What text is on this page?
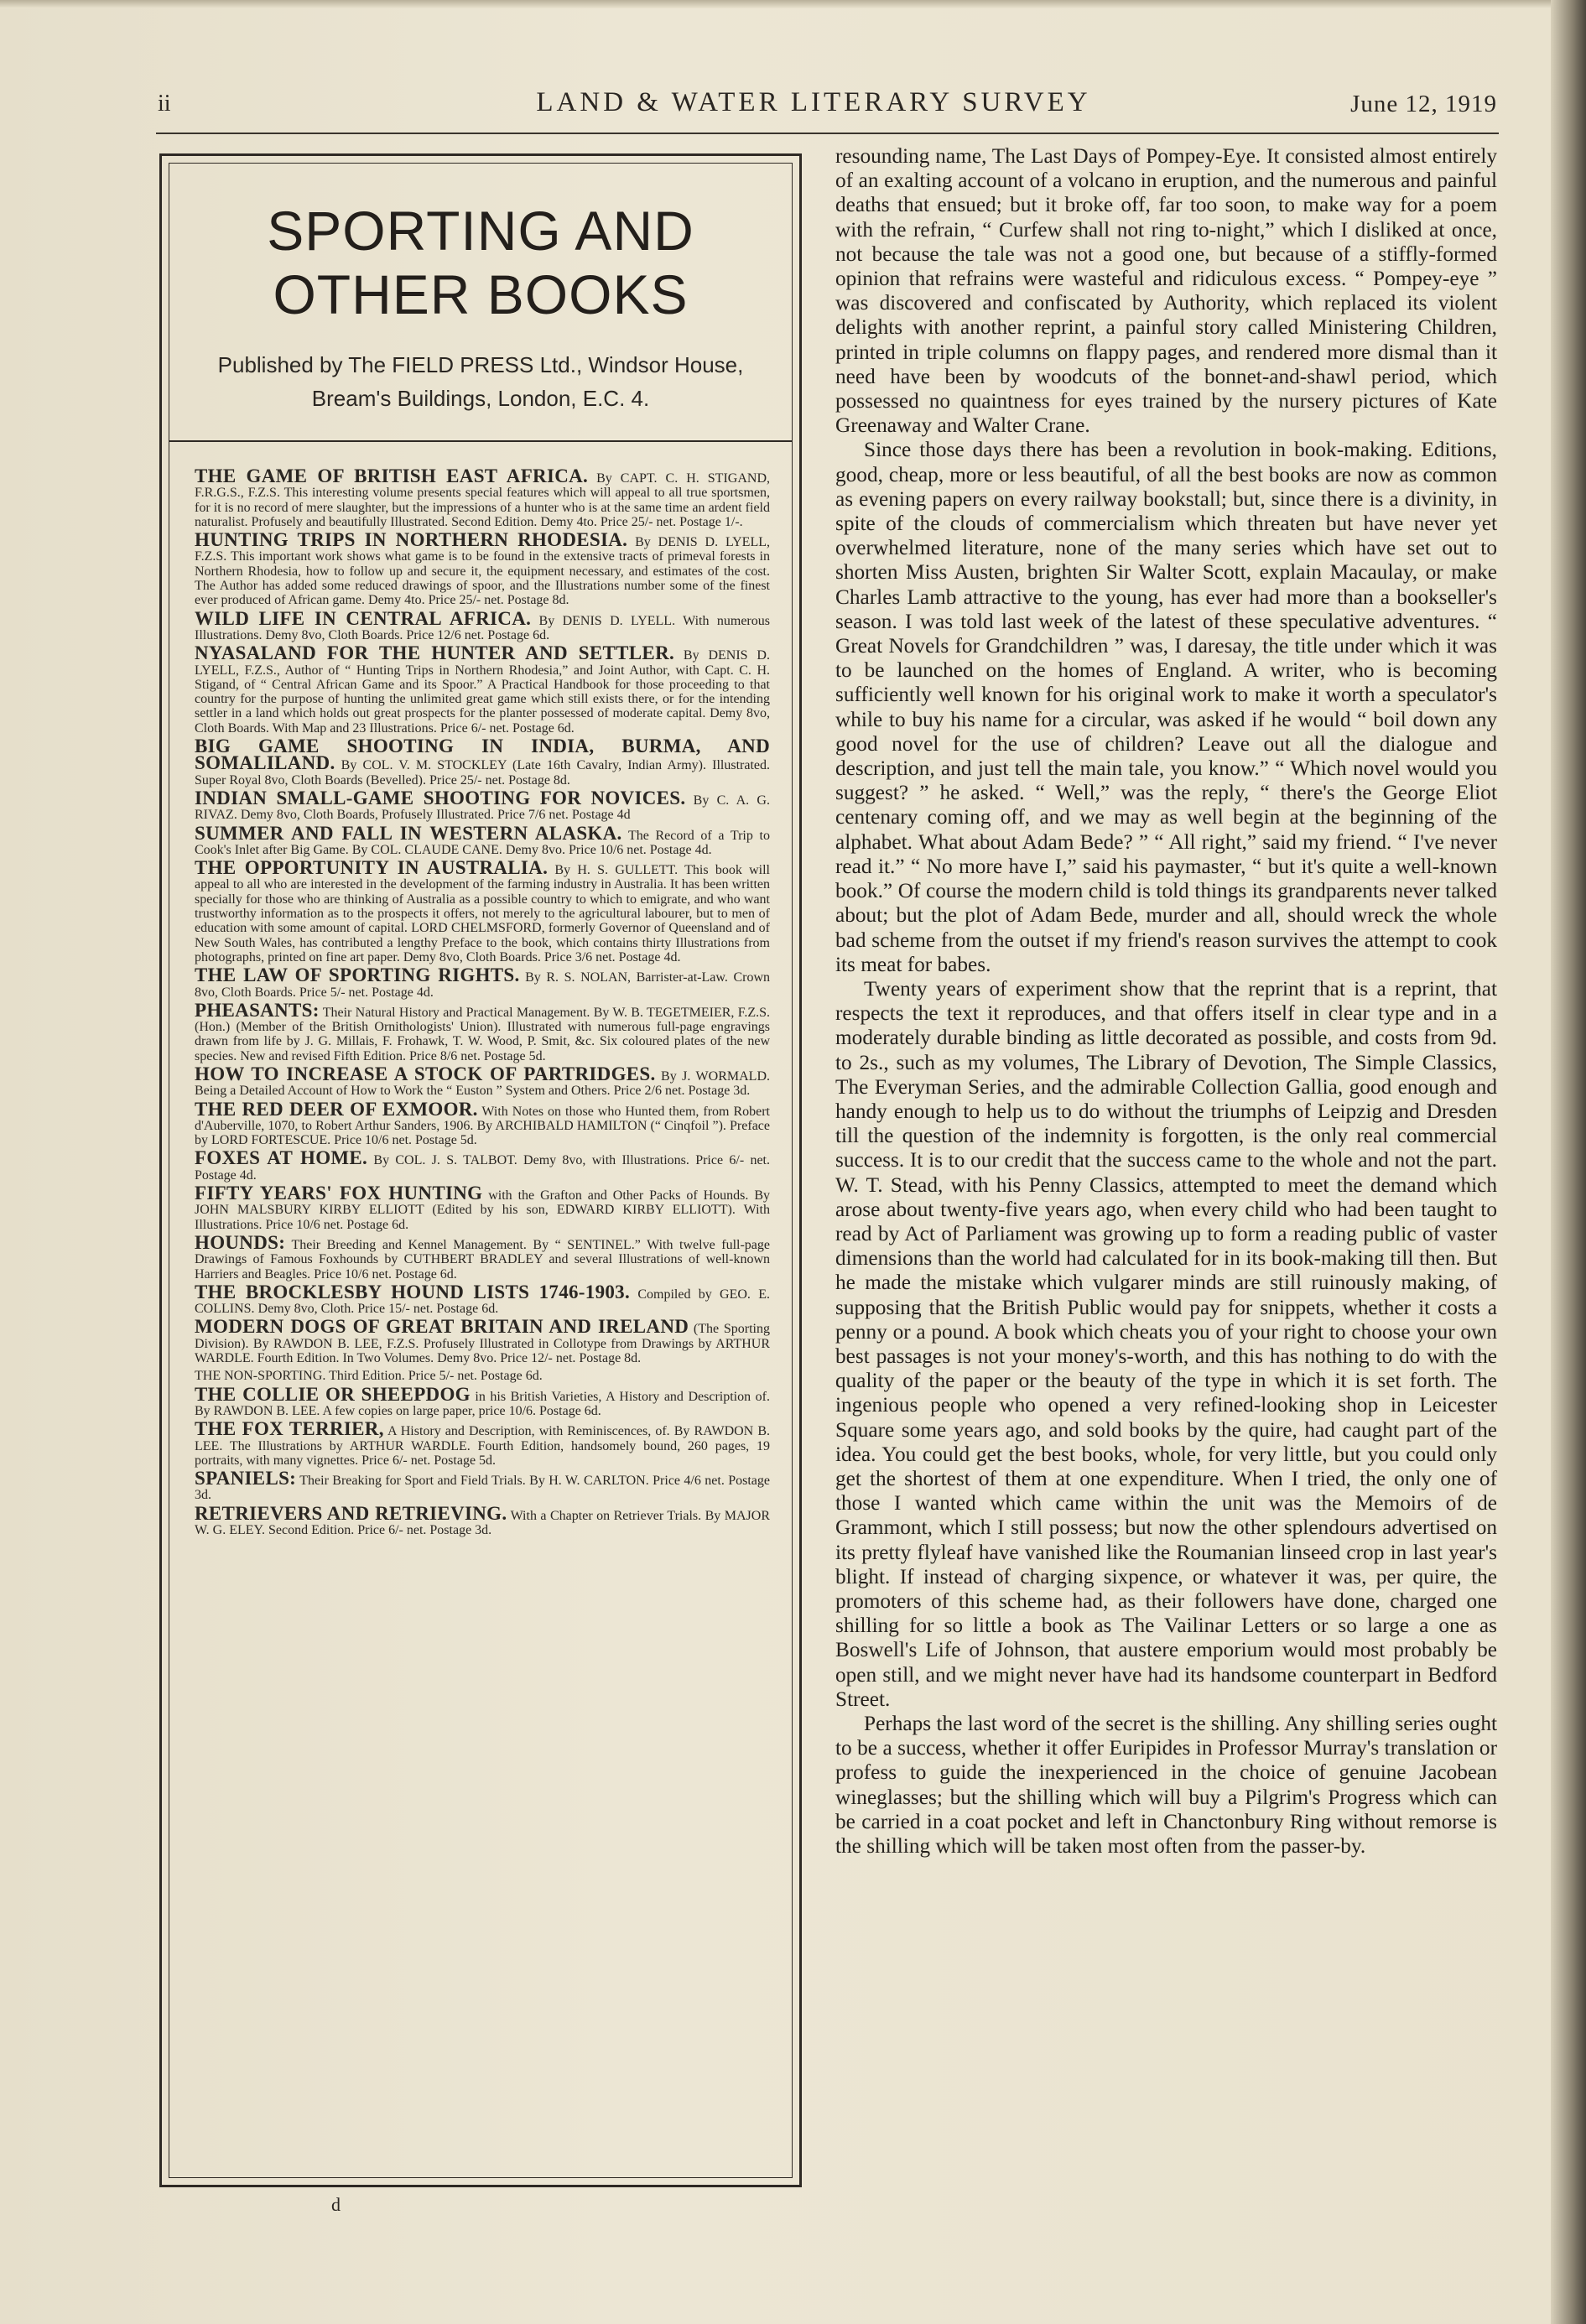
ii	LAND & WATER LITERARY SURVEY	June 12, 1919
SPORTING AND
OTHER BOOKS
Published by The FIELD PRESS Ltd., Windsor House, Bream's Buildings, London, E.C. 4.
THE GAME OF BRITISH EAST AFRICA. By CAPT. C. H. STIGAND, F.R.G.S., F.Z.S. This interesting volume presents special features which will appeal to all true sportsmen, for it is no record of mere slaughter, but the impressions of a hunter who is at the same time an ardent field naturalist. Profusely and beautifully Illustrated. Second Edition. Demy 4to. Price 25/- net. Postage 1/-.
HUNTING TRIPS IN NORTHERN RHODESIA. By DENIS D. LYELL, F.Z.S. This important work shows what game is to be found in the extensive tracts of primeval forests in Northern Rhodesia, how to follow up and secure it, the equipment necessary, and estimates of the cost. The Author has added some reduced drawings of spoor, and the Illustrations number some of the finest ever produced of African game. Demy 4to. Price 25/- net. Postage 8d.
WILD LIFE IN CENTRAL AFRICA. By DENIS D. LYELL. With numerous Illustrations. Demy 8vo, Cloth Boards. Price 12/6 net. Postage 6d.
NYASALAND FOR THE HUNTER AND SETTLER. By DENIS D. LYELL, F.Z.S., Author of “ Hunting Trips in Northern Rhodesia,” and Joint Author, with Capt. C. H. Stigand, of “ Central African Game and its Spoor.” A Practical Handbook for those proceeding to that country for the purpose of hunting the unlimited great game which still exists there, or for the intending settler in a land which holds out great prospects for the planter possessed of moderate capital. Demy 8vo, Cloth Boards. With Map and 23 Illustrations. Price 6/- net. Postage 6d.
BIG GAME SHOOTING IN INDIA, BURMA, AND SOMALILAND. By COL. V. M. STOCKLEY (Late 16th Cavalry, Indian Army). Illustrated. Super Royal 8vo, Cloth Boards (Bevelled). Price 25/- net. Postage 8d.
INDIAN SMALL-GAME SHOOTING FOR NOVICES. By C. A. G. RIVAZ. Demy 8vo, Cloth Boards, Profusely Illustrated. Price 7/6 net. Postage 4d
SUMMER AND FALL IN WESTERN ALASKA. The Record of a Trip to Cook's Inlet after Big Game. By COL. CLAUDE CANE. Demy 8vo. Price 10/6 net. Postage 4d.
THE OPPORTUNITY IN AUSTRALIA. By H. S. GULLETT. This book will appeal to all who are interested in the development of the farming industry in Australia. It has been written specially for those who are thinking of Australia as a possible country to which to emigrate, and who want trustworthy information as to the prospects it offers, not merely to the agricultural labourer, but to men of education with some amount of capital. LORD CHELMSFORD, formerly Governor of Queensland and of New South Wales, has contributed a lengthy Preface to the book, which contains thirty Illustrations from photographs, printed on fine art paper. Demy 8vo, Cloth Boards. Price 3/6 net. Postage 4d.
THE LAW OF SPORTING RIGHTS. By R. S. NOLAN, Barrister-at-Law. Crown 8vo, Cloth Boards. Price 5/- net. Postage 4d.
PHEASANTS: Their Natural History and Practical Management. By W. B. TEGETMEIER, F.Z.S. (Hon.) (Member of the British Ornithologists' Union). Illustrated with numerous full-page engravings drawn from life by J. G. Millais, F. Frohawk, T. W. Wood, P. Smit, &c. Six coloured plates of the new species. New and revised Fifth Edition. Price 8/6 net. Postage 5d.
HOW TO INCREASE A STOCK OF PARTRIDGES. By J. WORMALD. Being a Detailed Account of How to Work the “ Euston ” System and Others. Price 2/6 net. Postage 3d.
THE RED DEER OF EXMOOR. With Notes on those who Hunted them, from Robert d'Auberville, 1070, to Robert Arthur Sanders, 1906. By ARCHIBALD HAMILTON (“ Cinqfoil ”). Preface by LORD FORTESCUE. Price 10/6 net. Postage 5d.
FOXES AT HOME. By COL. J. S. TALBOT. Demy 8vo, with Illustrations. Price 6/- net. Postage 4d.
FIFTY YEARS' FOX HUNTING with the Grafton and Other Packs of Hounds. By JOHN MALSBURY KIRBY ELLIOTT (Edited by his son, EDWARD KIRBY ELLIOTT). With Illustrations. Price 10/6 net. Postage 6d.
HOUNDS: Their Breeding and Kennel Management. By “ SENTINEL.” With twelve full-page Drawings of Famous Foxhounds by CUTHBERT BRADLEY and several Illustrations of well-known Harriers and Beagles. Price 10/6 net. Postage 6d.
THE BROCKLESBY HOUND LISTS 1746-1903. Compiled by GEO. E. COLLINS. Demy 8vo, Cloth. Price 15/- net. Postage 6d.
MODERN DOGS OF GREAT BRITAIN AND IRELAND (The Sporting Division). By RAWDON B. LEE, F.Z.S. Profusely Illustrated in Collotype from Drawings by ARTHUR WARDLE. Fourth Edition. In Two Volumes. Demy 8vo. Price 12/- net. Postage 8d.
THE NON-SPORTING. Third Edition. Price 5/- net. Postage 6d.
THE COLLIE OR SHEEPDOG in his British Varieties, A History and Description of. By RAWDON B. LEE. A few copies on large paper, price 10/6. Postage 6d.
THE FOX TERRIER, A History and Description, with Reminiscences, of. By RAWDON B. LEE. The Illustrations by ARTHUR WARDLE. Fourth Edition, handsomely bound, 260 pages, 19 portraits, with many vignettes. Price 6/- net. Postage 5d.
SPANIELS: Their Breaking for Sport and Field Trials. By H. W. CARLTON. Price 4/6 net. Postage 3d.
RETRIEVERS AND RETRIEVING. With a Chapter on Retriever Trials. By MAJOR W. G. ELEY. Second Edition. Price 6/- net. Postage 3d.
d

resounding name, The Last Days of Pompey-Eye. It consisted almost entirely of an exalting account of a volcano in eruption, and the numerous and painful deaths that ensued; but it broke off, far too soon, to make way for a poem with the refrain, “ Curfew shall not ring to-night,” which I disliked at once, not because the tale was not a good one, but because of a stiffly-formed opinion that refrains were wasteful and ridiculous excess. “ Pompey-eye ” was discovered and confiscated by Authority, which replaced its violent delights with another reprint, a painful story called Ministering Children, printed in triple columns on flappy pages, and rendered more dismal than it need have been by woodcuts of the bonnet-and-shawl period, which possessed no quaintness for eyes trained by the nursery pictures of Kate Greenaway and Walter Crane.

Since those days there has been a revolution in book-making. Editions, good, cheap, more or less beautiful, of all the best books are now as common as evening papers on every railway bookstall; but, since there is a divinity, in spite of the clouds of commercialism which threaten but have never yet overwhelmed literature, none of the many series which have set out to shorten Miss Austen, brighten Sir Walter Scott, explain Macaulay, or make Charles Lamb attractive to the young, has ever had more than a bookseller's season. I was told last week of the latest of these speculative adventures. “ Great Novels for Grandchildren ” was, I daresay, the title under which it was to be launched on the homes of England. A writer, who is becoming sufficiently well known for his original work to make it worth a speculator's while to buy his name for a circular, was asked if he would “ boil down any good novel for the use of children? Leave out all the dialogue and description, and just tell the main tale, you know.” “ Which novel would you suggest? ” he asked. “ Well,” was the reply, “ there's the George Eliot centenary coming off, and we may as well begin at the beginning of the alphabet. What about Adam Bede? ” “ All right,” said my friend. “ I've never read it.” “ No more have I,” said his paymaster, “ but it's quite a well-known book.” Of course the modern child is told things its grandparents never talked about; but the plot of Adam Bede, murder and all, should wreck the whole bad scheme from the outset if my friend's reason survives the attempt to cook its meat for babes.

Twenty years of experiment show that the reprint that is a reprint, that respects the text it reproduces, and that offers itself in clear type and in a moderately durable binding as little decorated as possible, and costs from 9d. to 2s., such as my volumes, The Library of Devotion, The Simple Classics, The Everyman Series, and the admirable Collection Gallia, good enough and handy enough to help us to do without the triumphs of Leipzig and Dresden till the question of the indemnity is forgotten, is the only real commercial success. It is to our credit that the success came to the whole and not the part. W. T. Stead, with his Penny Classics, attempted to meet the demand which arose about twenty-five years ago, when every child who had been taught to read by Act of Parliament was growing up to form a reading public of vaster dimensions than the world had calculated for in its book-making till then. But he made the mistake which vulgarer minds are still ruinously making, of supposing that the British Public would pay for snippets, whether it costs a penny or a pound. A book which cheats you of your right to choose your own best passages is not your money's-worth, and this has nothing to do with the quality of the paper or the beauty of the type in which it is set forth. The ingenious people who opened a very refined-looking shop in Leicester Square some years ago, and sold books by the quire, had caught part of the idea. You could get the best books, whole, for very little, but you could only get the shortest of them at one expenditure. When I tried, the only one of those I wanted which came within the unit was the Memoirs of de Grammont, which I still possess; but now the other splendours advertised on its pretty flyleaf have vanished like the Roumanian linseed crop in last year's blight. If instead of charging sixpence, or whatever it was, per quire, the promoters of this scheme had, as their followers have done, charged one shilling for so little a book as The Vailinar Letters or so large a one as Boswell's Life of Johnson, that austere emporium would most probably be open still, and we might never have had its handsome counterpart in Bedford Street.

Perhaps the last word of the secret is the shilling. Any shilling series ought to be a success, whether it offer Euripides in Professor Murray's translation or profess to guide the inexperienced in the choice of genuine Jacobean wineglasses; but the shilling which will buy a Pilgrim's Progress which can be carried in a coat pocket and left in Chanctonbury Ring without remorse is the shilling which will be taken most often from the passer-by.
